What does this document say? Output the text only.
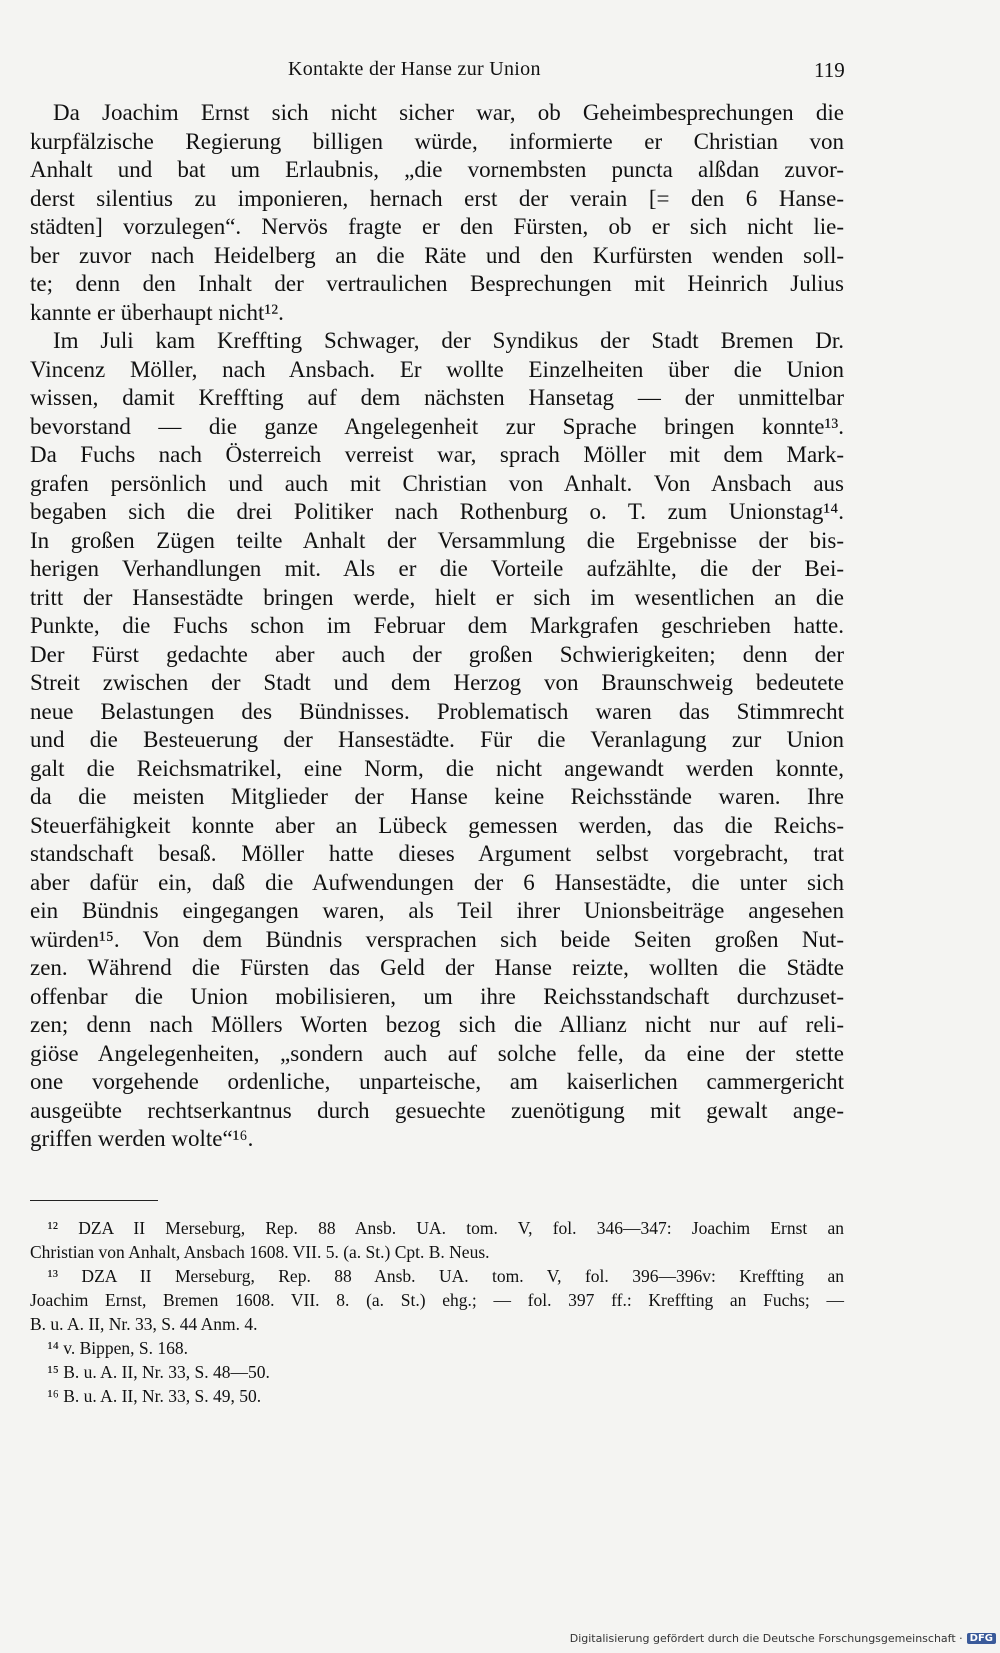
Kontakte der Hanse zur Union	119
 Da Joachim Ernst sich nicht sicher war, ob Geheimbesprechungen die
kurpfälzische Regierung billigen würde, informierte er Christian von
Anhalt und bat um Erlaubnis, „die vornembsten puncta alßdan zuvor-
derst silentius zu imponieren, hernach erst der verain [= den 6 Hanse-
städten] vorzulegen“. Nervös fragte er den Fürsten, ob er sich nicht lie-
ber zuvor nach Heidelberg an die Räte und den Kurfürsten wenden soll-
te; denn den Inhalt der vertraulichen Besprechungen mit Heinrich Julius
kannte er überhaupt nicht¹².
 Im Juli kam Kreffting Schwager, der Syndikus der Stadt Bremen Dr.
Vincenz Möller, nach Ansbach. Er wollte Einzelheiten über die Union
wissen, damit Kreffting auf dem nächsten Hansetag — der unmittelbar
bevorstand — die ganze Angelegenheit zur Sprache bringen konnte¹³.
Da Fuchs nach Österreich verreist war, sprach Möller mit dem Mark-
grafen persönlich und auch mit Christian von Anhalt. Von Ansbach aus
begaben sich die drei Politiker nach Rothenburg o. T. zum Unionstag¹⁴.
In großen Zügen teilte Anhalt der Versammlung die Ergebnisse der bis-
herigen Verhandlungen mit. Als er die Vorteile aufzählte, die der Bei-
tritt der Hansestädte bringen werde, hielt er sich im wesentlichen an die
Punkte, die Fuchs schon im Februar dem Markgrafen geschrieben hatte.
Der Fürst gedachte aber auch der großen Schwierigkeiten; denn der
Streit zwischen der Stadt und dem Herzog von Braunschweig bedeutete
neue Belastungen des Bündnisses. Problematisch waren das Stimmrecht
und die Besteuerung der Hansestädte. Für die Veranlagung zur Union
galt die Reichsmatrikel, eine Norm, die nicht angewandt werden konnte,
da die meisten Mitglieder der Hanse keine Reichsstände waren. Ihre
Steuerfähigkeit konnte aber an Lübeck gemessen werden, das die Reichs-
standschaft besaß. Möller hatte dieses Argument selbst vorgebracht, trat
aber dafür ein, daß die Aufwendungen der 6 Hansestädte, die unter sich
ein Bündnis eingegangen waren, als Teil ihrer Unionsbeiträge angesehen
würden¹⁵. Von dem Bündnis versprachen sich beide Seiten großen Nut-
zen. Während die Fürsten das Geld der Hanse reizte, wollten die Städte
offenbar die Union mobilisieren, um ihre Reichsstandschaft durchzuset-
zen; denn nach Möllers Worten bezog sich die Allianz nicht nur auf reli-
giöse Angelegenheiten, „sondern auch auf solche felle, da eine der stette
one vorgehende ordenliche, unparteische, am kaiserlichen cammergericht
ausgeübte rechtserkantnus durch gesuechte zuenötigung mit gewalt ange-
griffen werden wolte“¹⁶.
 ¹² DZA II Merseburg, Rep. 88 Ansb. UA. tom. V, fol. 346—347: Joachim Ernst an
Christian von Anhalt, Ansbach 1608. VII. 5. (a. St.) Cpt. B. Neus.
 ¹³ DZA II Merseburg, Rep. 88 Ansb. UA. tom. V, fol. 396—396v: Kreffting an
Joachim Ernst, Bremen 1608. VII. 8. (a. St.) ehg.; — fol. 397 ff.: Kreffting an Fuchs; —
B. u. A. II, Nr. 33, S. 44 Anm. 4.
 ¹⁴ v. Bippen, S. 168.
 ¹⁵ B. u. A. II, Nr. 33, S. 48—50.
 ¹⁶ B. u. A. II, Nr. 33, S. 49, 50.
Digitalisierung gefördert durch die Deutsche Forschungsgemeinschaft · DFG
